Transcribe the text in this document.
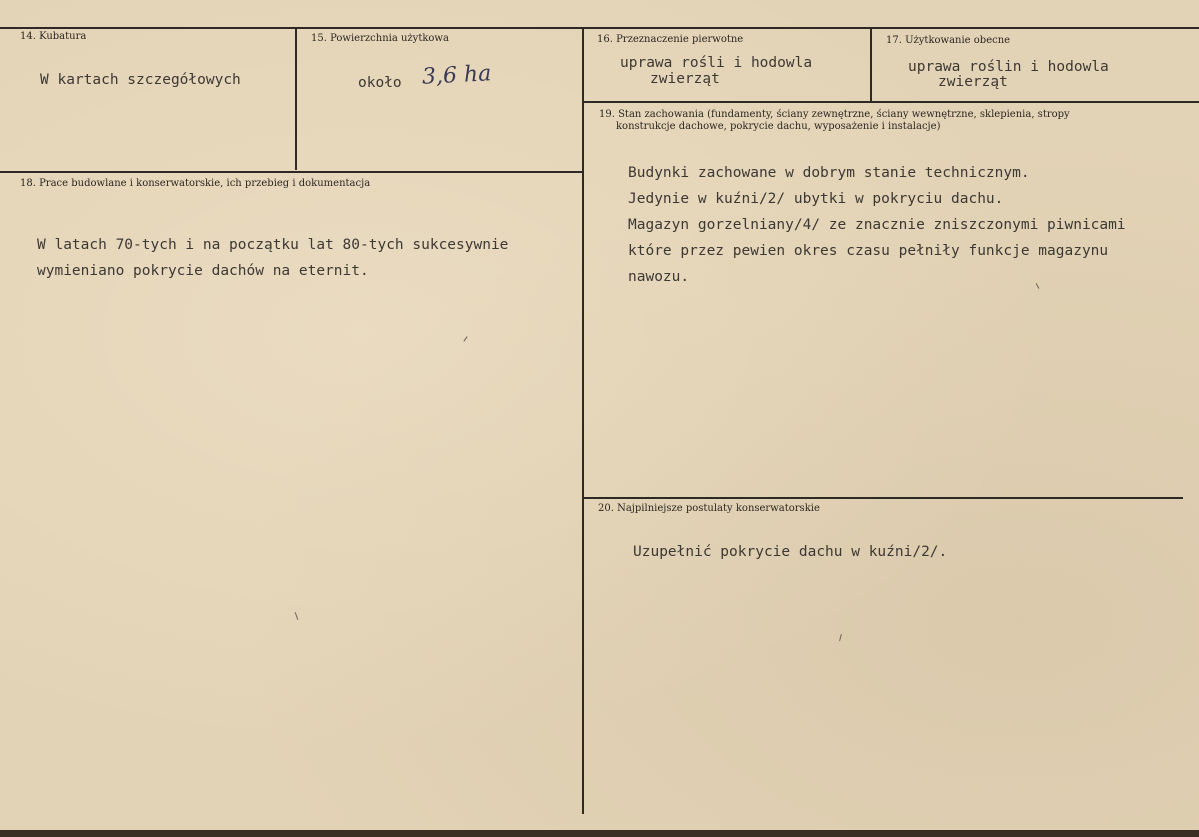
14. Kubatura
W kartach szczegółowych
15. Powierzchnia użytkowa
około 3,6 ha
16. Przeznaczenie pierwotne
uprawa rośli i hodowla
zwierząt
17. Użytkowanie obecne
uprawa roślin i hodowla
zwierząt
19. Stan zachowania (fundamenty, ściany zewnętrzne, ściany wewnętrzne, sklepienia, stropy
konstrukcje dachowe, pokrycie dachu, wyposażenie i instalacje)
Budynki zachowane w dobrym stanie technicznym.
Jedynie w kuźni/2/ ubytki w pokryciu dachu.
Magazyn gorzelniany/4/ ze znacznie zniszczonymi piwnicami
które przez pewien okres czasu pełniły funkcje magazynu
nawozu.
18. Prace budowlane i konserwatorskie, ich przebieg i dokumentacja
W latach 70-tych i na początku lat 80-tych sukcesywnie
wymieniano pokrycie dachów na eternit.
20. Najpilniejsze postulaty konserwatorskie
Uzupełnić pokrycie dachu w kuźni/2/.
